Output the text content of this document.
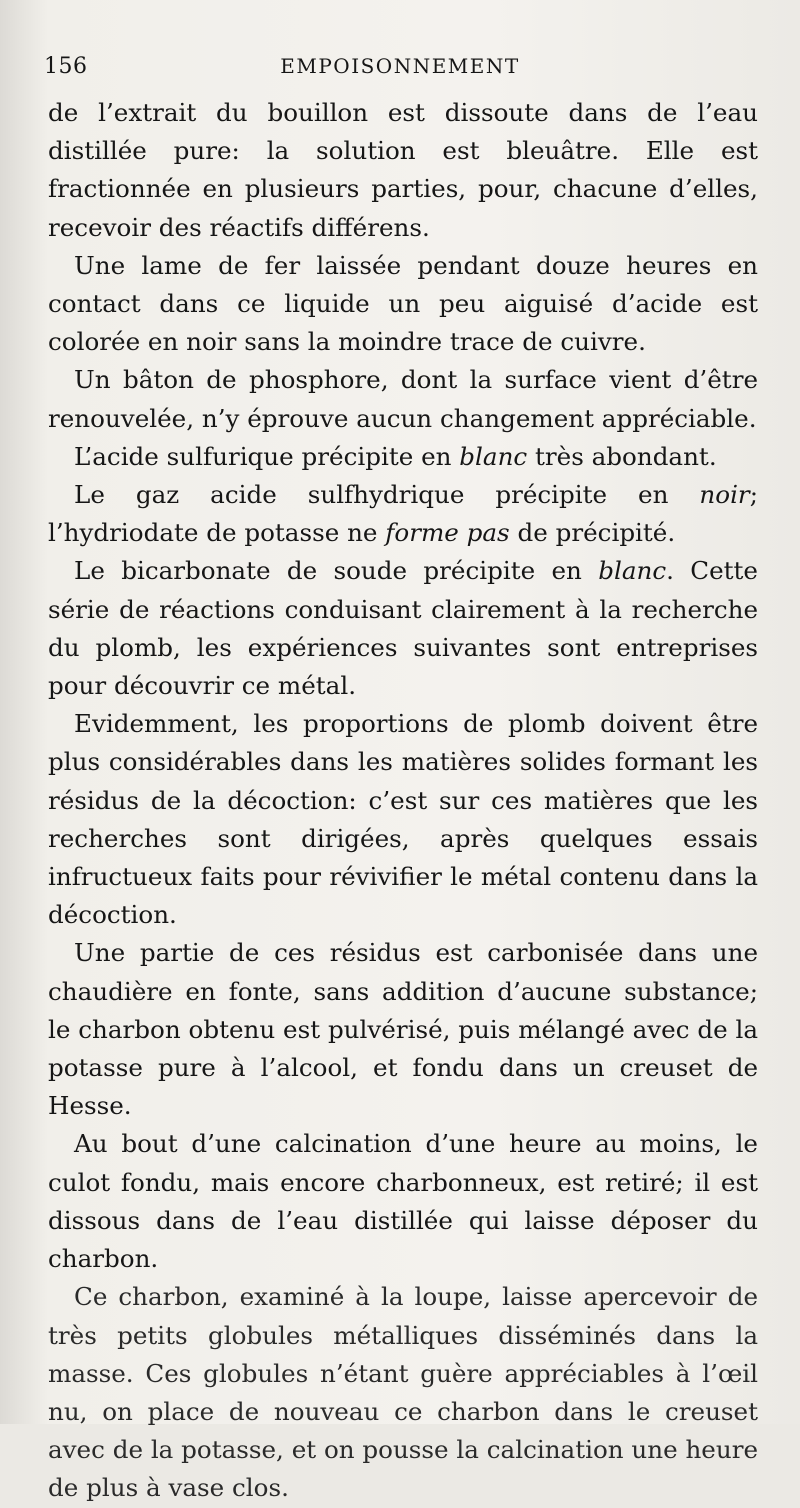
156	EMPOISONNEMENT

de l’extrait du bouillon est dissoute dans de l’eau distillée pure: la solution est bleuâtre. Elle est fractionnée en plusieurs parties, pour, chacune d’elles, recevoir des réactifs différens.

Une lame de fer laissée pendant douze heures en contact dans ce liquide un peu aiguisé d’acide est colorée en noir sans la moindre trace de cuivre.

Un bâton de phosphore, dont la surface vient d’être renouvelée, n’y éprouve aucun changement appréciable.

L’acide sulfurique précipite en blanc très abondant.

Le gaz acide sulfhydrique précipite en noir; l’hydriodate de potasse ne forme pas de précipité.

Le bicarbonate de soude précipite en blanc. Cette série de réactions conduisant clairement à la recherche du plomb, les expériences suivantes sont entreprises pour découvrir ce métal.

Evidemment, les proportions de plomb doivent être plus considérables dans les matières solides formant les résidus de la décoction: c’est sur ces matières que les recherches sont dirigées, après quelques essais infructueux faits pour révivifier le métal contenu dans la décoction.

Une partie de ces résidus est carbonisée dans une chaudière en fonte, sans addition d’aucune substance; le charbon obtenu est pulvérisé, puis mélangé avec de la potasse pure à l’alcool, et fondu dans un creuset de Hesse.

Au bout d’une calcination d’une heure au moins, le culot fondu, mais encore charbonneux, est retiré; il est dissous dans de l’eau distillée qui laisse déposer du charbon.

Ce charbon, examiné à la loupe, laisse apercevoir de très petits globules métalliques disséminés dans la masse. Ces globules n’étant guère appréciables à l’œil nu, on place de nouveau ce charbon dans le creuset avec de la potasse, et on pousse la calcination une heure de plus à vase clos.
